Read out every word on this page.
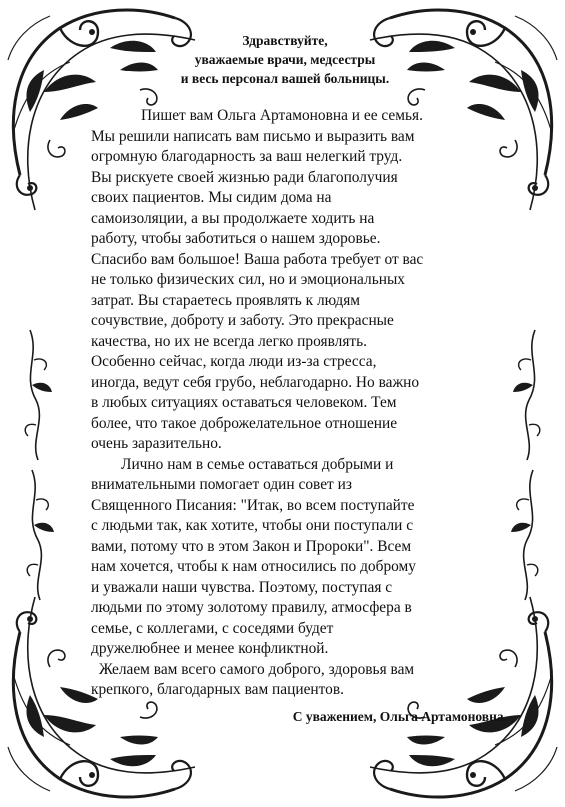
Здравствуйте,
уважаемые врачи, медсестры
и весь персонал вашей больницы.
Пишет вам Ольга Артамоновна и ее семья.
Мы решили написать вам письмо и выразить вам
огромную благодарность за ваш нелегкий труд.
Вы рискуете своей жизнью ради благополучия
своих пациентов. Мы сидим дома на
самоизоляции, а вы продолжаете ходить на
работу, чтобы заботиться о нашем здоровье.
Спасибо вам большое! Ваша работа требует от вас
не только физических сил, но и эмоциональных
затрат. Вы стараетесь проявлять к людям
сочувствие, доброту и заботу. Это прекрасные
качества, но их не всегда легко проявлять.
Особенно сейчас, когда люди из-за стресса,
иногда, ведут себя грубо, неблагодарно. Но важно
в любых ситуациях оставаться человеком. Тем
более, что такое доброжелательное отношение
очень заразительно.
Лично нам в семье оставаться добрыми и
внимательными помогает один совет из
Священного Писания: "Итак, во всем поступайте
с людьми так, как хотите, чтобы они поступали с
вами, потому что в этом Закон и Пророки". Всем
нам хочется, чтобы к нам относились по доброму
и уважали наши чувства. Поэтому, поступая с
людьми по этому золотому правилу, атмосфера в
семье, с коллегами, с соседями будет
дружелюбнее и менее конфликтной.
Желаем вам всего самого доброго, здоровья вам
крепкого, благодарных вам пациентов.
С уважением, Ольга Артамоновна.
